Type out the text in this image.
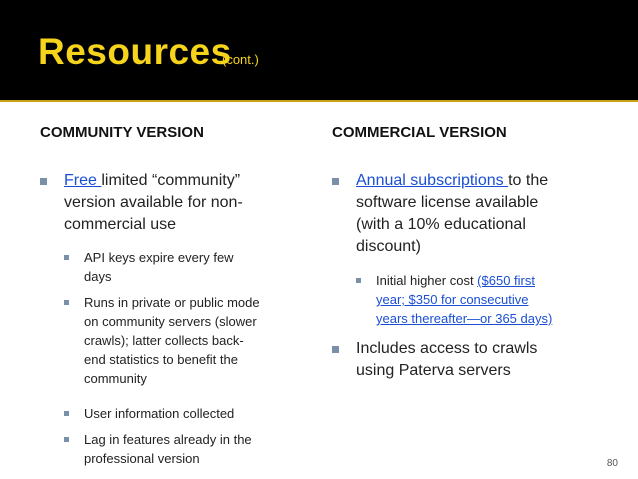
Resources
(cont.)
COMMUNITY VERSION
Free limited “community”
version available for non-
commercial use
API keys expire every few
days
Runs in private or public mode
on community servers (slower
crawls); latter collects back-
end statistics to benefit the
community
User information collected
Lag in features already in the
professional version
COMMERCIAL VERSION
Annual subscriptions to the
software license available
(with a 10% educational
discount)
Initial higher cost ($650 first
year; $350 for consecutive
years thereafter—or 365 days)
Includes access to crawls
using Paterva servers
80
